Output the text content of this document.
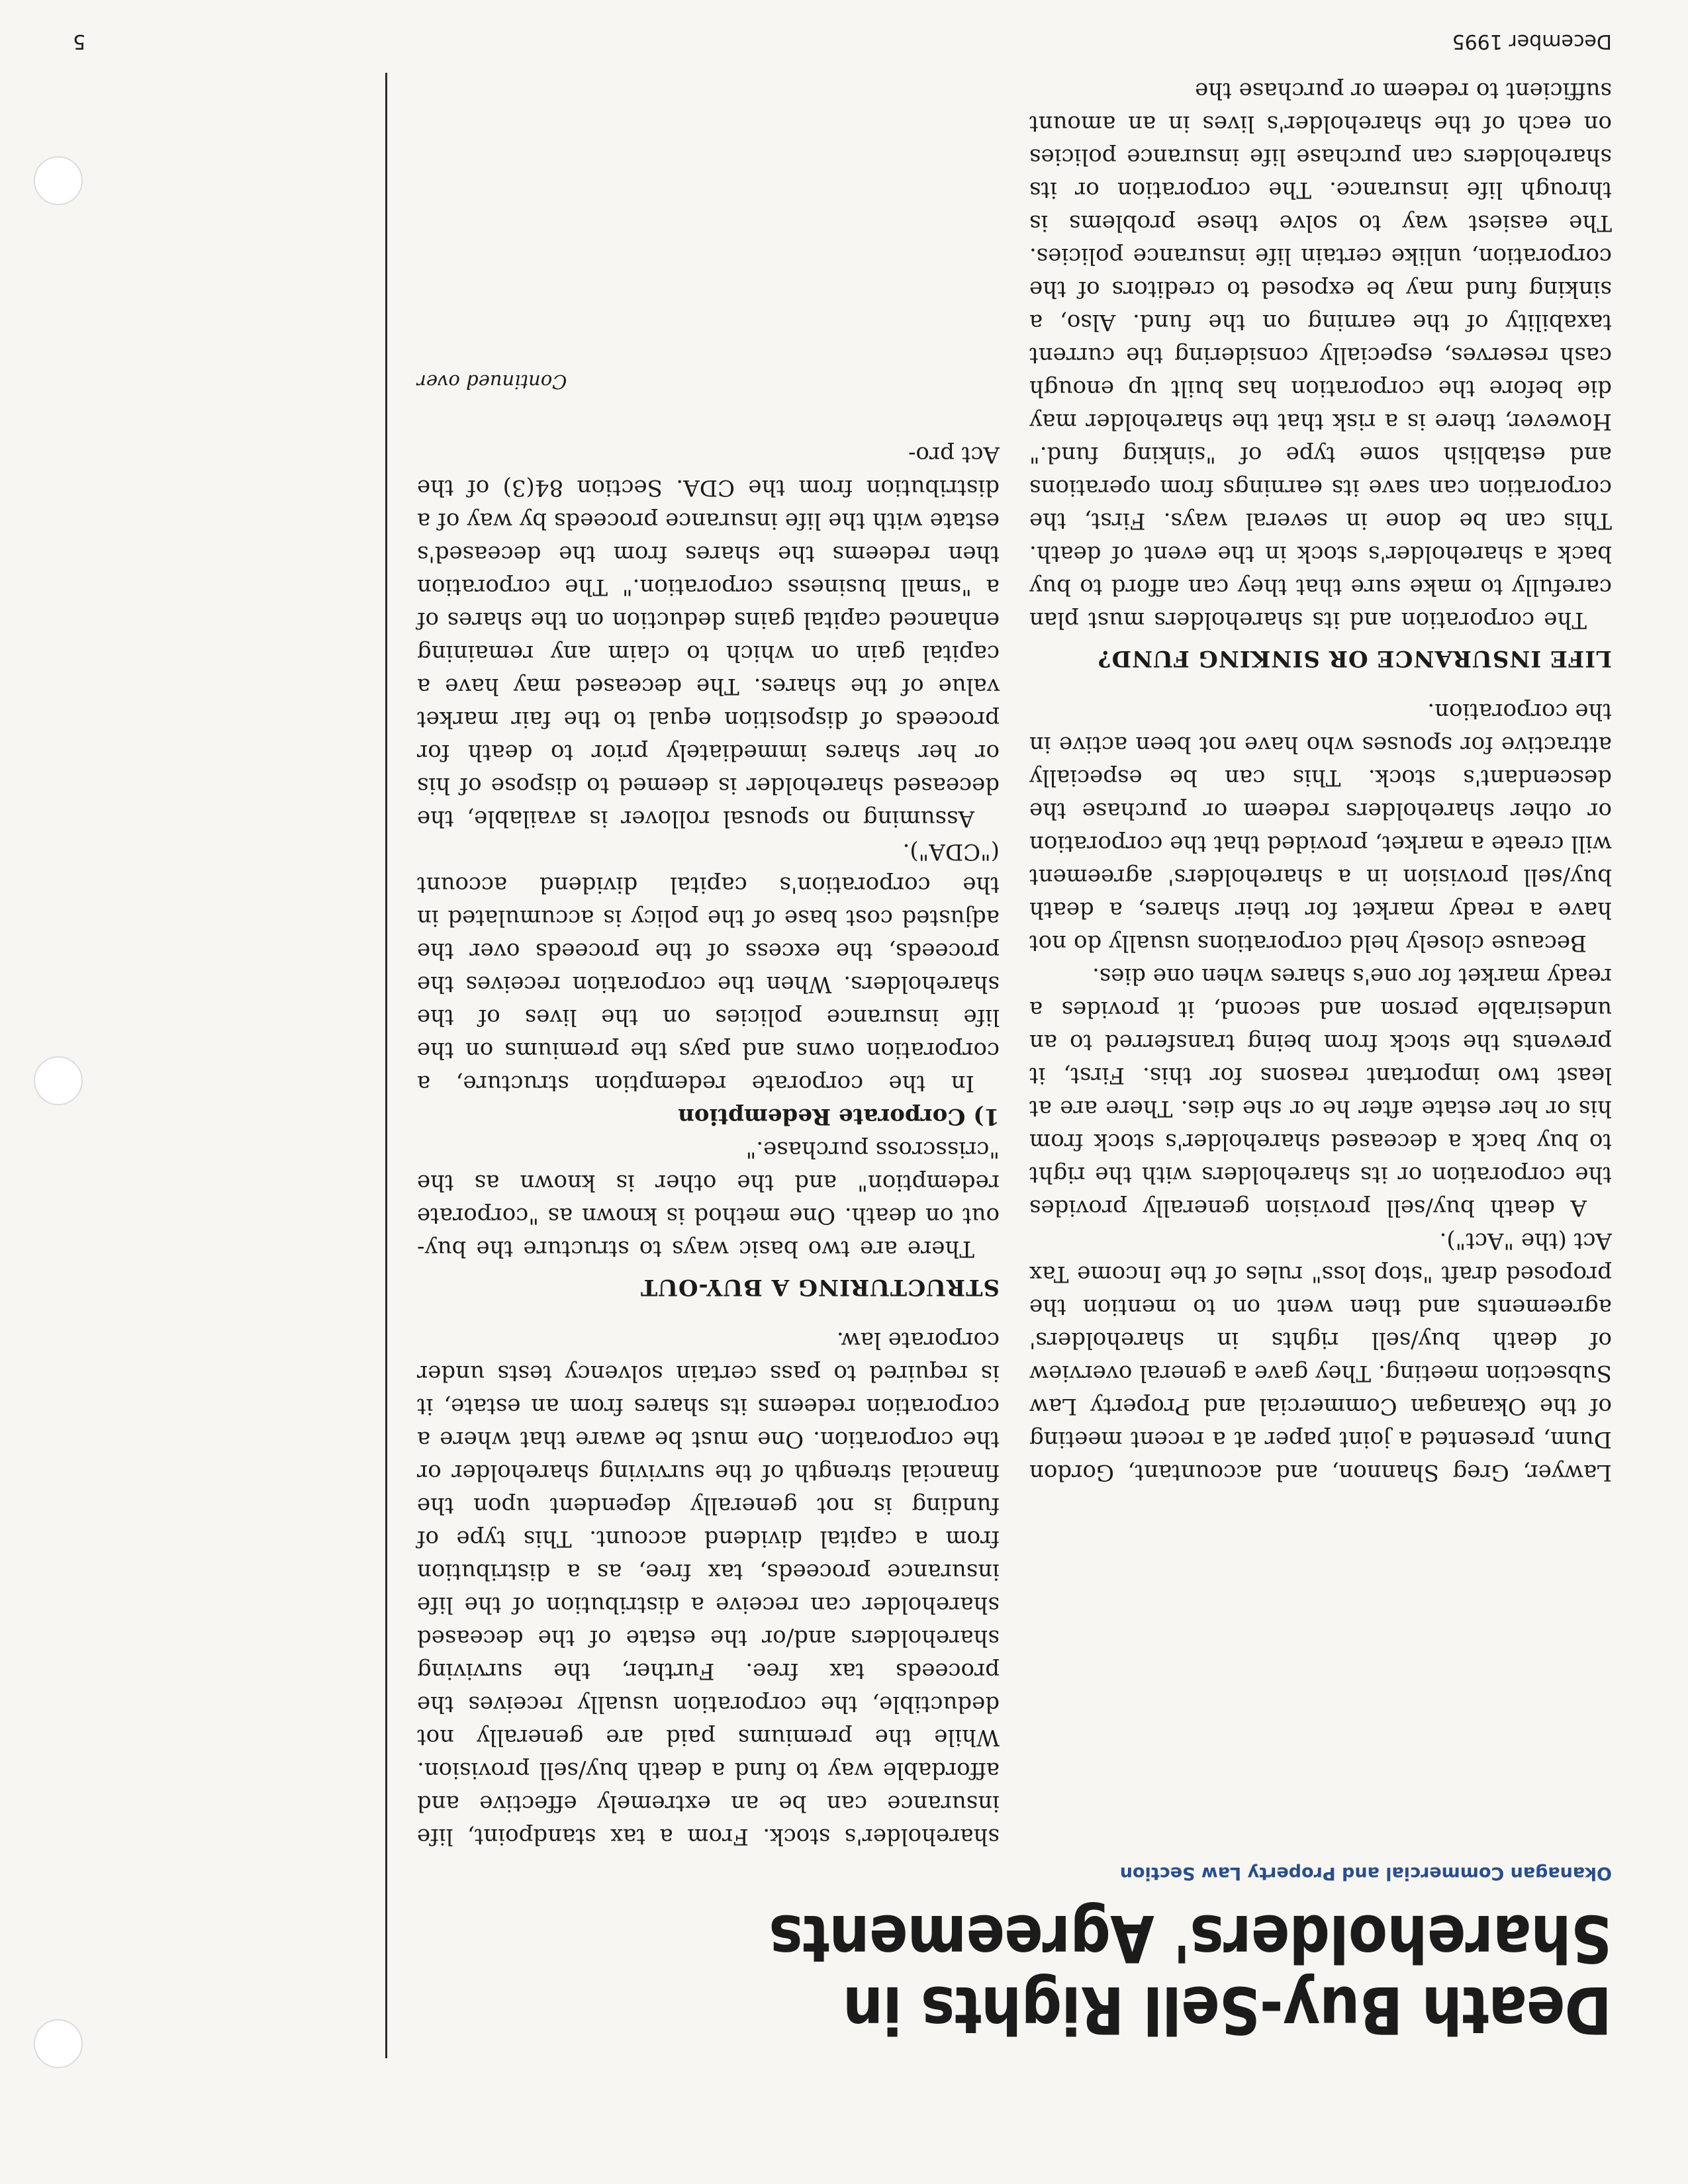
Death Buy-Sell Rights in Shareholders' Agreements
Okanagan Commercial and Property Law Section

Lawyer, Greg Shannon, and accountant, Gordon Dunn, presented a joint paper at a recent meeting of the Okanagan Commercial and Property Law Subsection meeting. They gave a general overview of death buy/sell rights in shareholders' agreements and then went on to mention the proposed draft "stop loss" rules of the Income Tax Act (the "Act").

A death buy/sell provision generally provides the corporation or its shareholders with the right to buy back a deceased shareholder's stock from his or her estate after he or she dies. There are at least two important reasons for this. First, it prevents the stock from being transferred to an undesirable person and second, it provides a ready market for one's shares when one dies.

Because closely held corporations usually do not have a ready market for their shares, a death buy/sell provision in a shareholders' agreement will create a market, provided that the corporation or other shareholders redeem or purchase the descendant's stock. This can be especially attractive for spouses who have not been active in the corporation.

LIFE INSURANCE OR SINKING FUND?

The corporation and its shareholders must plan carefully to make sure that they can afford to buy back a shareholder's stock in the event of death. This can be done in several ways. First, the corporation can save its earnings from operations and establish some type of "sinking fund." However, there is a risk that the shareholder may die before the corporation has built up enough cash reserves, especially considering the current taxability of the earning on the fund. Also, a sinking fund may be exposed to creditors of the corporation, unlike certain life insurance policies. The easiest way to solve these problems is through life insurance. The corporation or its shareholders can purchase life insurance policies on each of the shareholder's lives in an amount sufficient to redeem or purchase the

shareholder's stock. From a tax standpoint, life insurance can be an extremely effective and affordable way to fund a death buy/sell provision. While the premiums paid are generally not deductible, the corporation usually receives the proceeds tax free. Further, the surviving shareholders and/or the estate of the deceased shareholder can receive a distribution of the life insurance proceeds, tax free, as a distribution from a capital dividend account. This type of funding is not generally dependent upon the financial strength of the surviving shareholder or the corporation. One must be aware that where a corporation redeems its shares from an estate, it is required to pass certain solvency tests under corporate law.

STRUCTURING A BUY-OUT

There are two basic ways to structure the buy-out on death. One method is known as "corporate redemption" and the other is known as the "crisscross purchase."

1) Corporate Redemption

In the corporate redemption structure, a corporation owns and pays the premiums on the life insurance policies on the lives of the shareholders. When the corporation receives the proceeds, the excess of the proceeds over the adjusted cost base of the policy is accumulated in the corporation's capital dividend account ("CDA").

Assuming no spousal rollover is available, the deceased shareholder is deemed to dispose of his or her shares immediately prior to death for proceeds of disposition equal to the fair market value of the shares. The deceased may have a capital gain on which to claim any remaining enhanced capital gains deduction on the shares of a "small business corporation." The corporation then redeems the shares from the deceased's estate with the life insurance proceeds by way of a distribution from the CDA. Section 84(3) of the Act pro-

Continued over
December 1995
5
